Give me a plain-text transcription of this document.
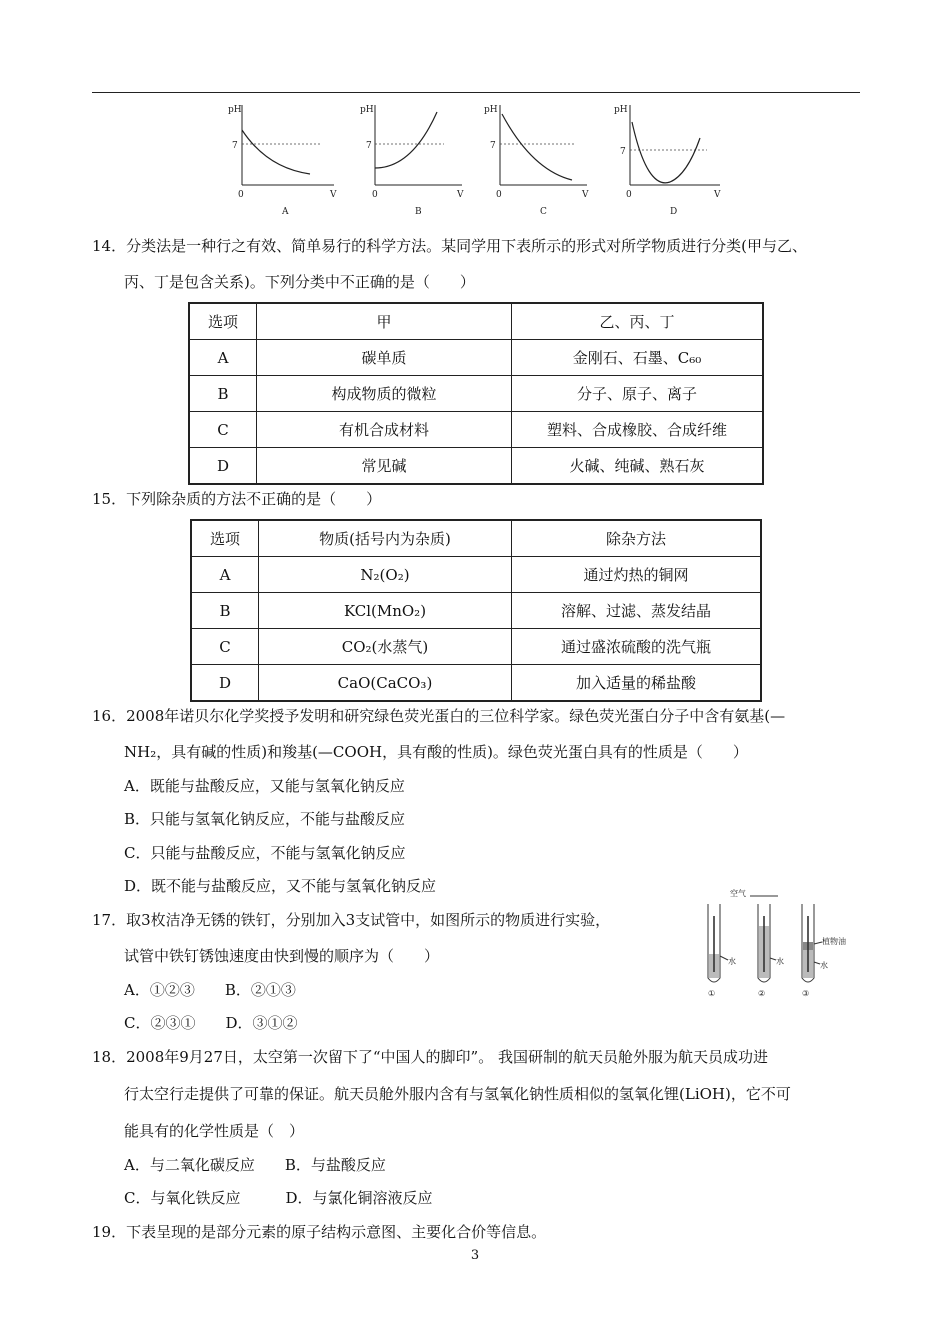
pH
7
0	V
A
pH
7
0	V
B
pH
7
0	V
C
pH
7
0	V
D
14．分类法是一种行之有效、简单易行的科学方法。某同学用下表所示的形式对所学物质进行分类(甲与乙、
丙、丁是包含关系)。下列分类中不正确的是（　　）
选项	甲	乙、丙、丁
A	碳单质	金刚石、石墨、C₆₀
B	构成物质的微粒	分子、原子、离子
C	有机合成材料	塑料、合成橡胶、合成纤维
D	常见碱	火碱、纯碱、熟石灰
15．下列除杂质的方法不正确的是（　　）
选项	物质(括号内为杂质)	除杂方法
A	N₂(O₂)	通过灼热的铜网
B	KCl(MnO₂)	溶解、过滤、蒸发结晶
C	CO₂(水蒸气)	通过盛浓硫酸的洗气瓶
D	CaO(CaCO₃)	加入适量的稀盐酸
16．2008年诺贝尔化学奖授予发明和研究绿色荧光蛋白的三位科学家。绿色荧光蛋白分子中含有氨基(—
NH₂，具有碱的性质)和羧基(—COOH，具有酸的性质)。绿色荧光蛋白具有的性质是（　　）
A．既能与盐酸反应，又能与氢氧化钠反应
B．只能与氢氧化钠反应，不能与盐酸反应
C．只能与盐酸反应，不能与氢氧化钠反应
D．既不能与盐酸反应，又不能与氢氧化钠反应
17．取3枚洁净无锈的铁钉，分别加入3支试管中，如图所示的物质进行实验，
试管中铁钉锈蚀速度由快到慢的顺序为（　　）
A．①②③　　B．②①③
C．②③①　　D．③①②
空气
水	水
植物油
水
①	②	③
18．2008年9月27日，太空第一次留下了“中国人的脚印”。 我国研制的航天员舱外服为航天员成功进
行太空行走提供了可靠的保证。航天员舱外服内含有与氢氧化钠性质相似的氢氧化锂(LiOH)，它不可
能具有的化学性质是（　）
A．与二氧化碳反应　　B．与盐酸反应
C．与氧化铁反应　　　D．与氯化铜溶液反应
19．下表呈现的是部分元素的原子结构示意图、主要化合价等信息。
3
